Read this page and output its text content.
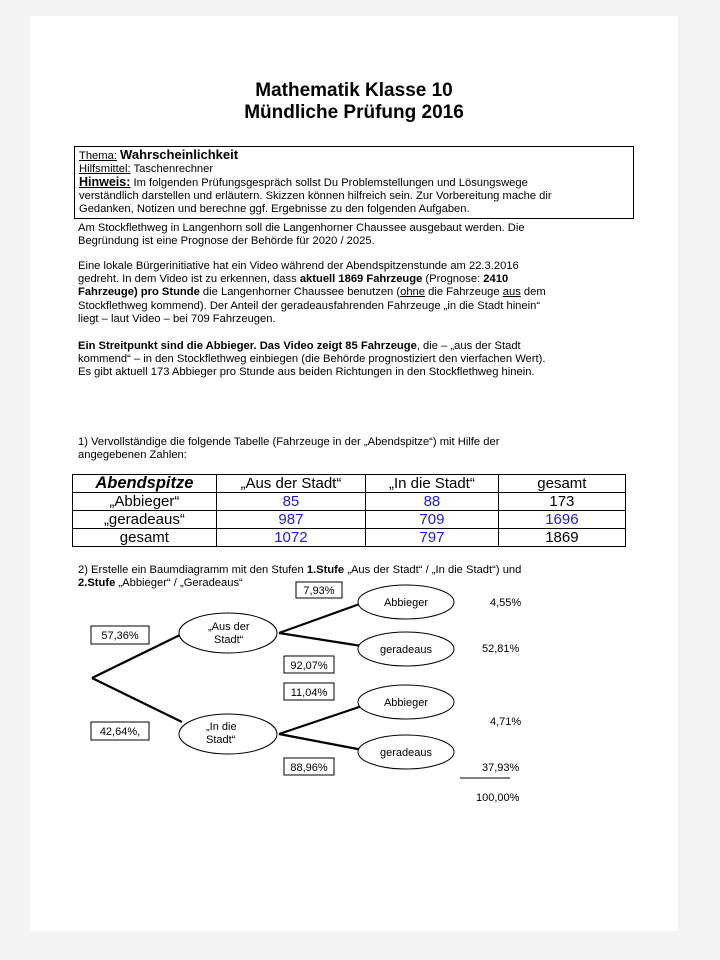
Mathematik Klasse 10
Mündliche Prüfung 2016
Thema: Wahrscheinlichkeit
Hilfsmittel: Taschenrechner
Hinweis: Im folgenden Prüfungsgespräch sollst Du Problemstellungen und Lösungswege
verständlich darstellen und erläutern. Skizzen können hilfreich sein. Zur Vorbereitung mache dir
Gedanken, Notizen und berechne ggf. Ergebnisse zu den folgenden Aufgaben.
Am Stockflethweg in Langenhorn soll die Langenhorner Chaussee ausgebaut werden. Die
Begründung ist eine Prognose der Behörde für 2020 / 2025.
Eine lokale Bürgerinitiative hat ein Video während der Abendspitzenstunde am 22.3.2016
gedreht. In dem Video ist zu erkennen, dass aktuell 1869 Fahrzeuge (Prognose: 2410
Fahrzeuge) pro Stunde die Langenhorner Chaussee benutzen (ohne die Fahrzeuge aus dem
Stockflethweg kommend). Der Anteil der geradeausfahrenden Fahrzeuge „in die Stadt hinein“
liegt – laut Video – bei 709 Fahrzeugen.
Ein Streitpunkt sind die Abbieger. Das Video zeigt 85 Fahrzeuge, die – „aus der Stadt
kommend“ – in den Stockflethweg einbiegen (die Behörde prognostiziert den vierfachen Wert).
Es gibt aktuell 173 Abbieger pro Stunde aus beiden Richtungen in den Stockflethweg hinein.
1) Vervollständige die folgende Tabelle (Fahrzeuge in der „Abendspitze“) mit Hilfe der
angegebenen Zahlen:
Abendspitze	„Aus der Stadt“	„In die Stadt“	gesamt
„Abbieger“	85	88	173
„geradeaus“	987	709	1696
gesamt	1072	797	1869
2) Erstelle ein Baumdiagramm mit den Stufen 1.Stufe „Aus der Stadt“ / „In die Stadt“) und
2.Stufe „Abbieger“ / „Geradeaus“
57,36%
42,64%,
7,93%
92,07%
11,04%
88,96%
„Aus der
Stadt“
„In die
Stadt“
Abbieger
geradeaus
Abbieger
geradeaus
4,55%
52,81%
4,71%
37,93%
100,00%
